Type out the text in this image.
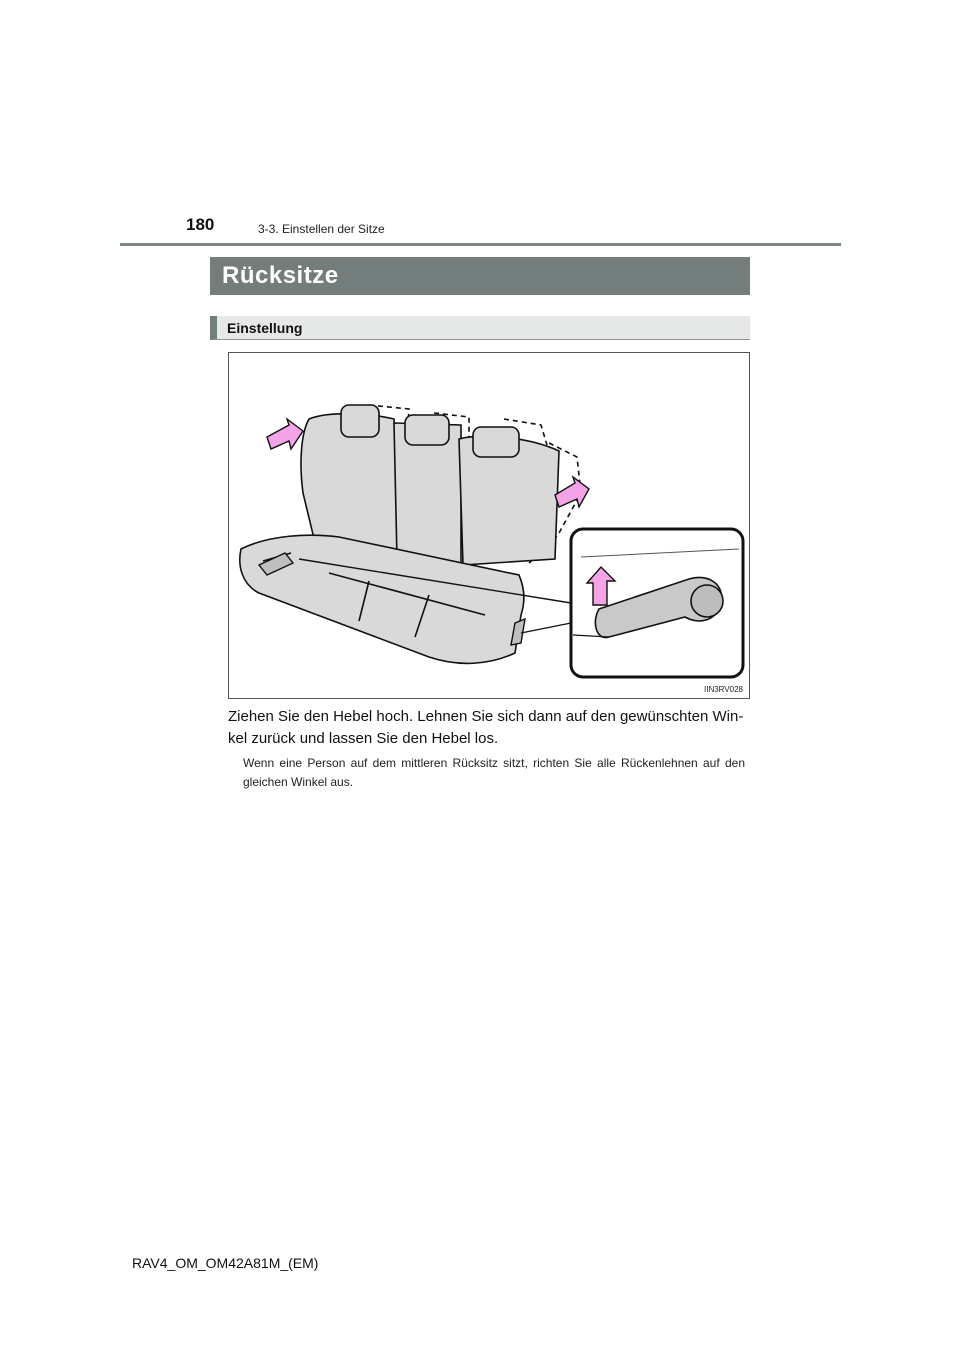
180	3-3. Einstellen der Sitze
Rücksitze
Einstellung
IIN3RV028
Ziehen Sie den Hebel hoch. Lehnen Sie sich dann auf den gewünschten Win-kel zurück und lassen Sie den Hebel los.
Wenn eine Person auf dem mittleren Rücksitz sitzt, richten Sie alle Rückenlehnen auf den gleichen Winkel aus.
RAV4_OM_OM42A81M_(EM)
